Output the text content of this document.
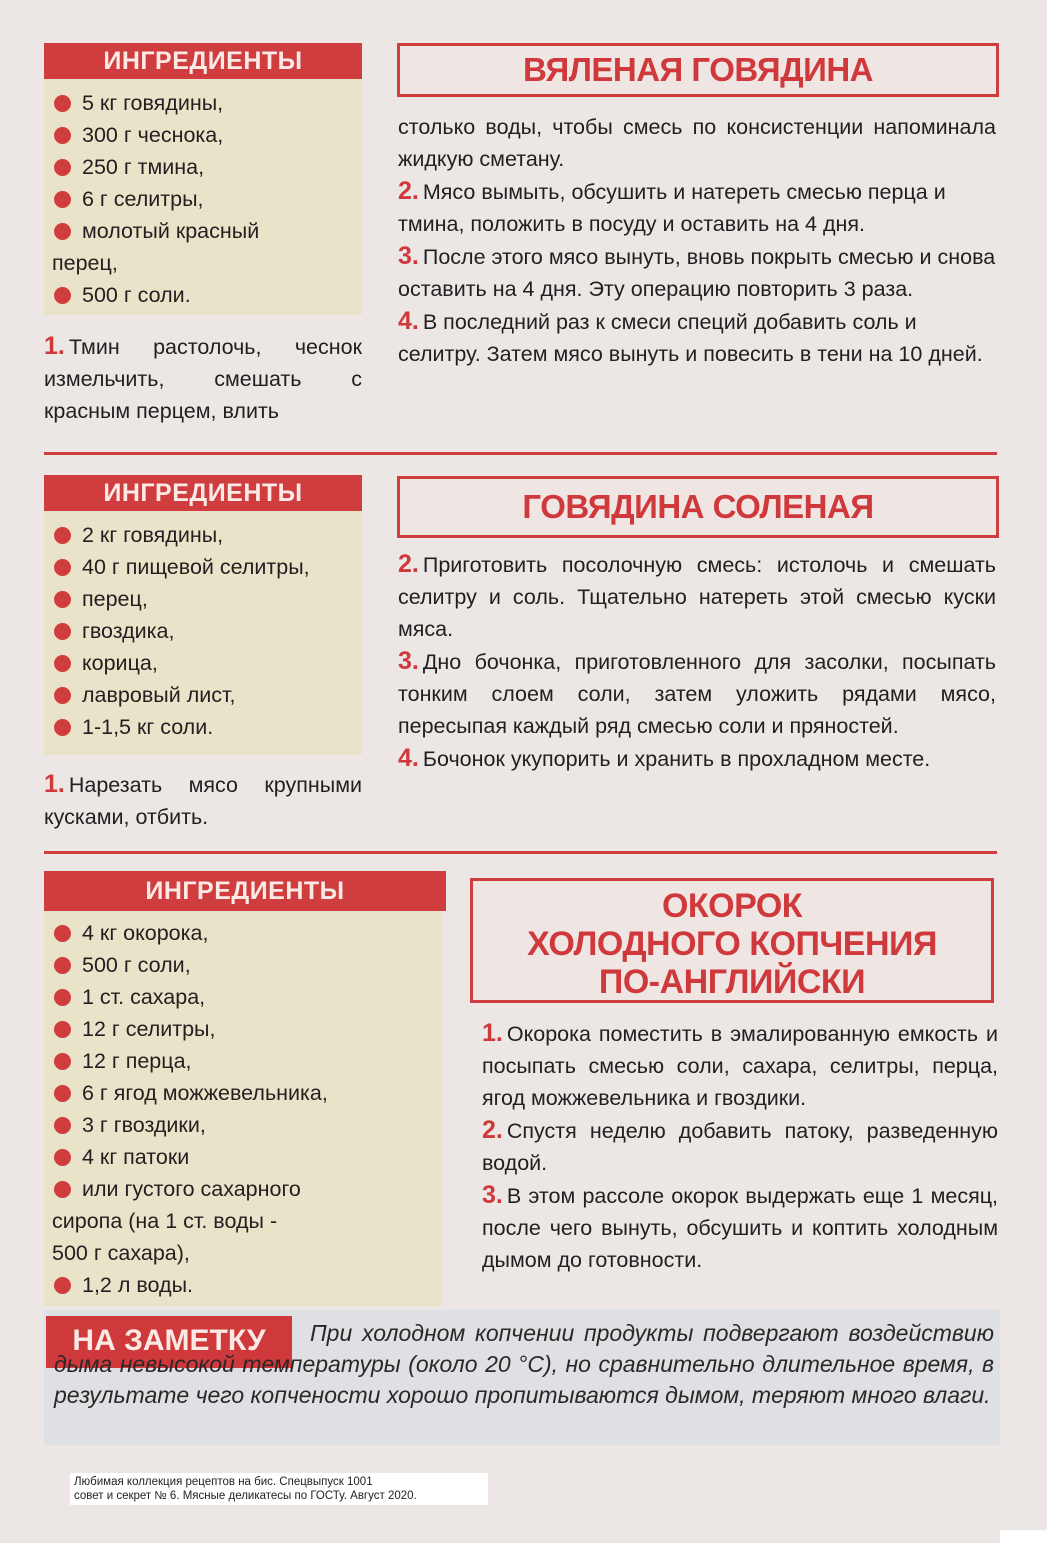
ИНГРЕДИЕНТЫ
5 кг говядины,
300 г чеснока,
250 г тмина,
6 г селитры,
молотый красный
перец,
500 г соли.

1. Тмин растолочь, чеснок измельчить, смешать с красным перцем, влить

ВЯЛЕНАЯ ГОВЯДИНА

столько воды, чтобы смесь по консистенции напоминала жидкую сметану.

2. Мясо вымыть, обсушить и натереть смесью перца и тмина, положить в посуду и оставить на 4 дня.

3. После этого мясо вынуть, вновь покрыть смесью и снова оставить на 4 дня. Эту операцию повторить 3 раза.

4. В последний раз к смеси специй добавить соль и селитру. Затем мясо вынуть и повесить в тени на 10 дней.

ИНГРЕДИЕНТЫ
2 кг говядины,
40 г пищевой селитры,
перец,
гвоздика,
корица,
лавровый лист,
1-1,5 кг соли.

1. Нарезать мясо крупными кусками, отбить.

ГОВЯДИНА СОЛЕНАЯ

2. Приготовить посолочную смесь: истолочь и смешать селитру и соль. Тщательно натереть этой смесью куски мяса.

3. Дно бочонка, приготовленного для засолки, посыпать тонким слоем соли, затем уложить рядами мясо, пересыпая каждый ряд смесью соли и пряностей.

4. Бочонок укупорить и хранить в прохладном месте.

ИНГРЕДИЕНТЫ
4 кг окорока,
500 г соли,
1 ст. сахара,
12 г селитры,
12 г перца,
6 г ягод можжевельника,
3 г гвоздики,
4 кг патоки
или густого сахарного
сиропа (на 1 ст. воды -
500 г сахара),
1,2 л воды.
ОКОРОК
ХОЛОДНОГО КОПЧЕНИЯ
ПО-АНГЛИЙСКИ

1. Окорока поместить в эмалированную емкость и посыпать смесью соли, сахара, селитры, перца, ягод можжевельника и гвоздики.

2. Спустя неделю добавить патоку, разведенную водой.

3. В этом рассоле окорок выдержать еще 1 месяц, после чего вынуть, обсушить и коптить холодным дымом до готовности.

НА ЗАМЕТКУ	При холодном копчении продукты подвергают воздействию дыма невысокой температуры (около 20 °С), но сравнительно длительное время, в результате чего копчености хорошо пропитываются дымом, теряют много влаги.
Любимая коллекция рецептов на бис. Спецвыпуск 1001
совет и секрет № 6. Мясные деликатесы по ГОСТу. Август 2020.
